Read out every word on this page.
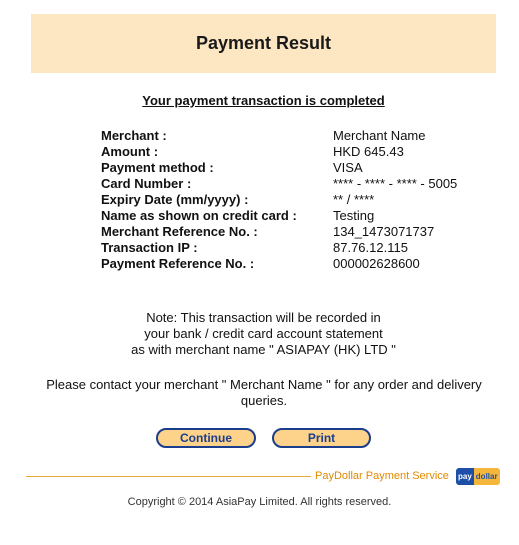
Payment Result
Your payment transaction is completed
Merchant :	Merchant Name
Amount :	HKD 645.43
Payment method :	VISA
Card Number :	**** - **** - **** - 5005
Expiry Date (mm/yyyy) :	** / ****
Name as shown on credit card :	Testing
Merchant Reference No. :	134_1473071737
Transaction IP :	87.76.12.115
Payment Reference No. :	000002628600
Note: This transaction will be recorded in
your bank / credit card account statement
as with merchant name " ASIAPAY (HK) LTD "
Please contact your merchant " Merchant Name " for any order and delivery
queries.
Continue	Print
PayDollar Payment Service pay dollar
Copyright © 2014 AsiaPay Limited. All rights reserved.
